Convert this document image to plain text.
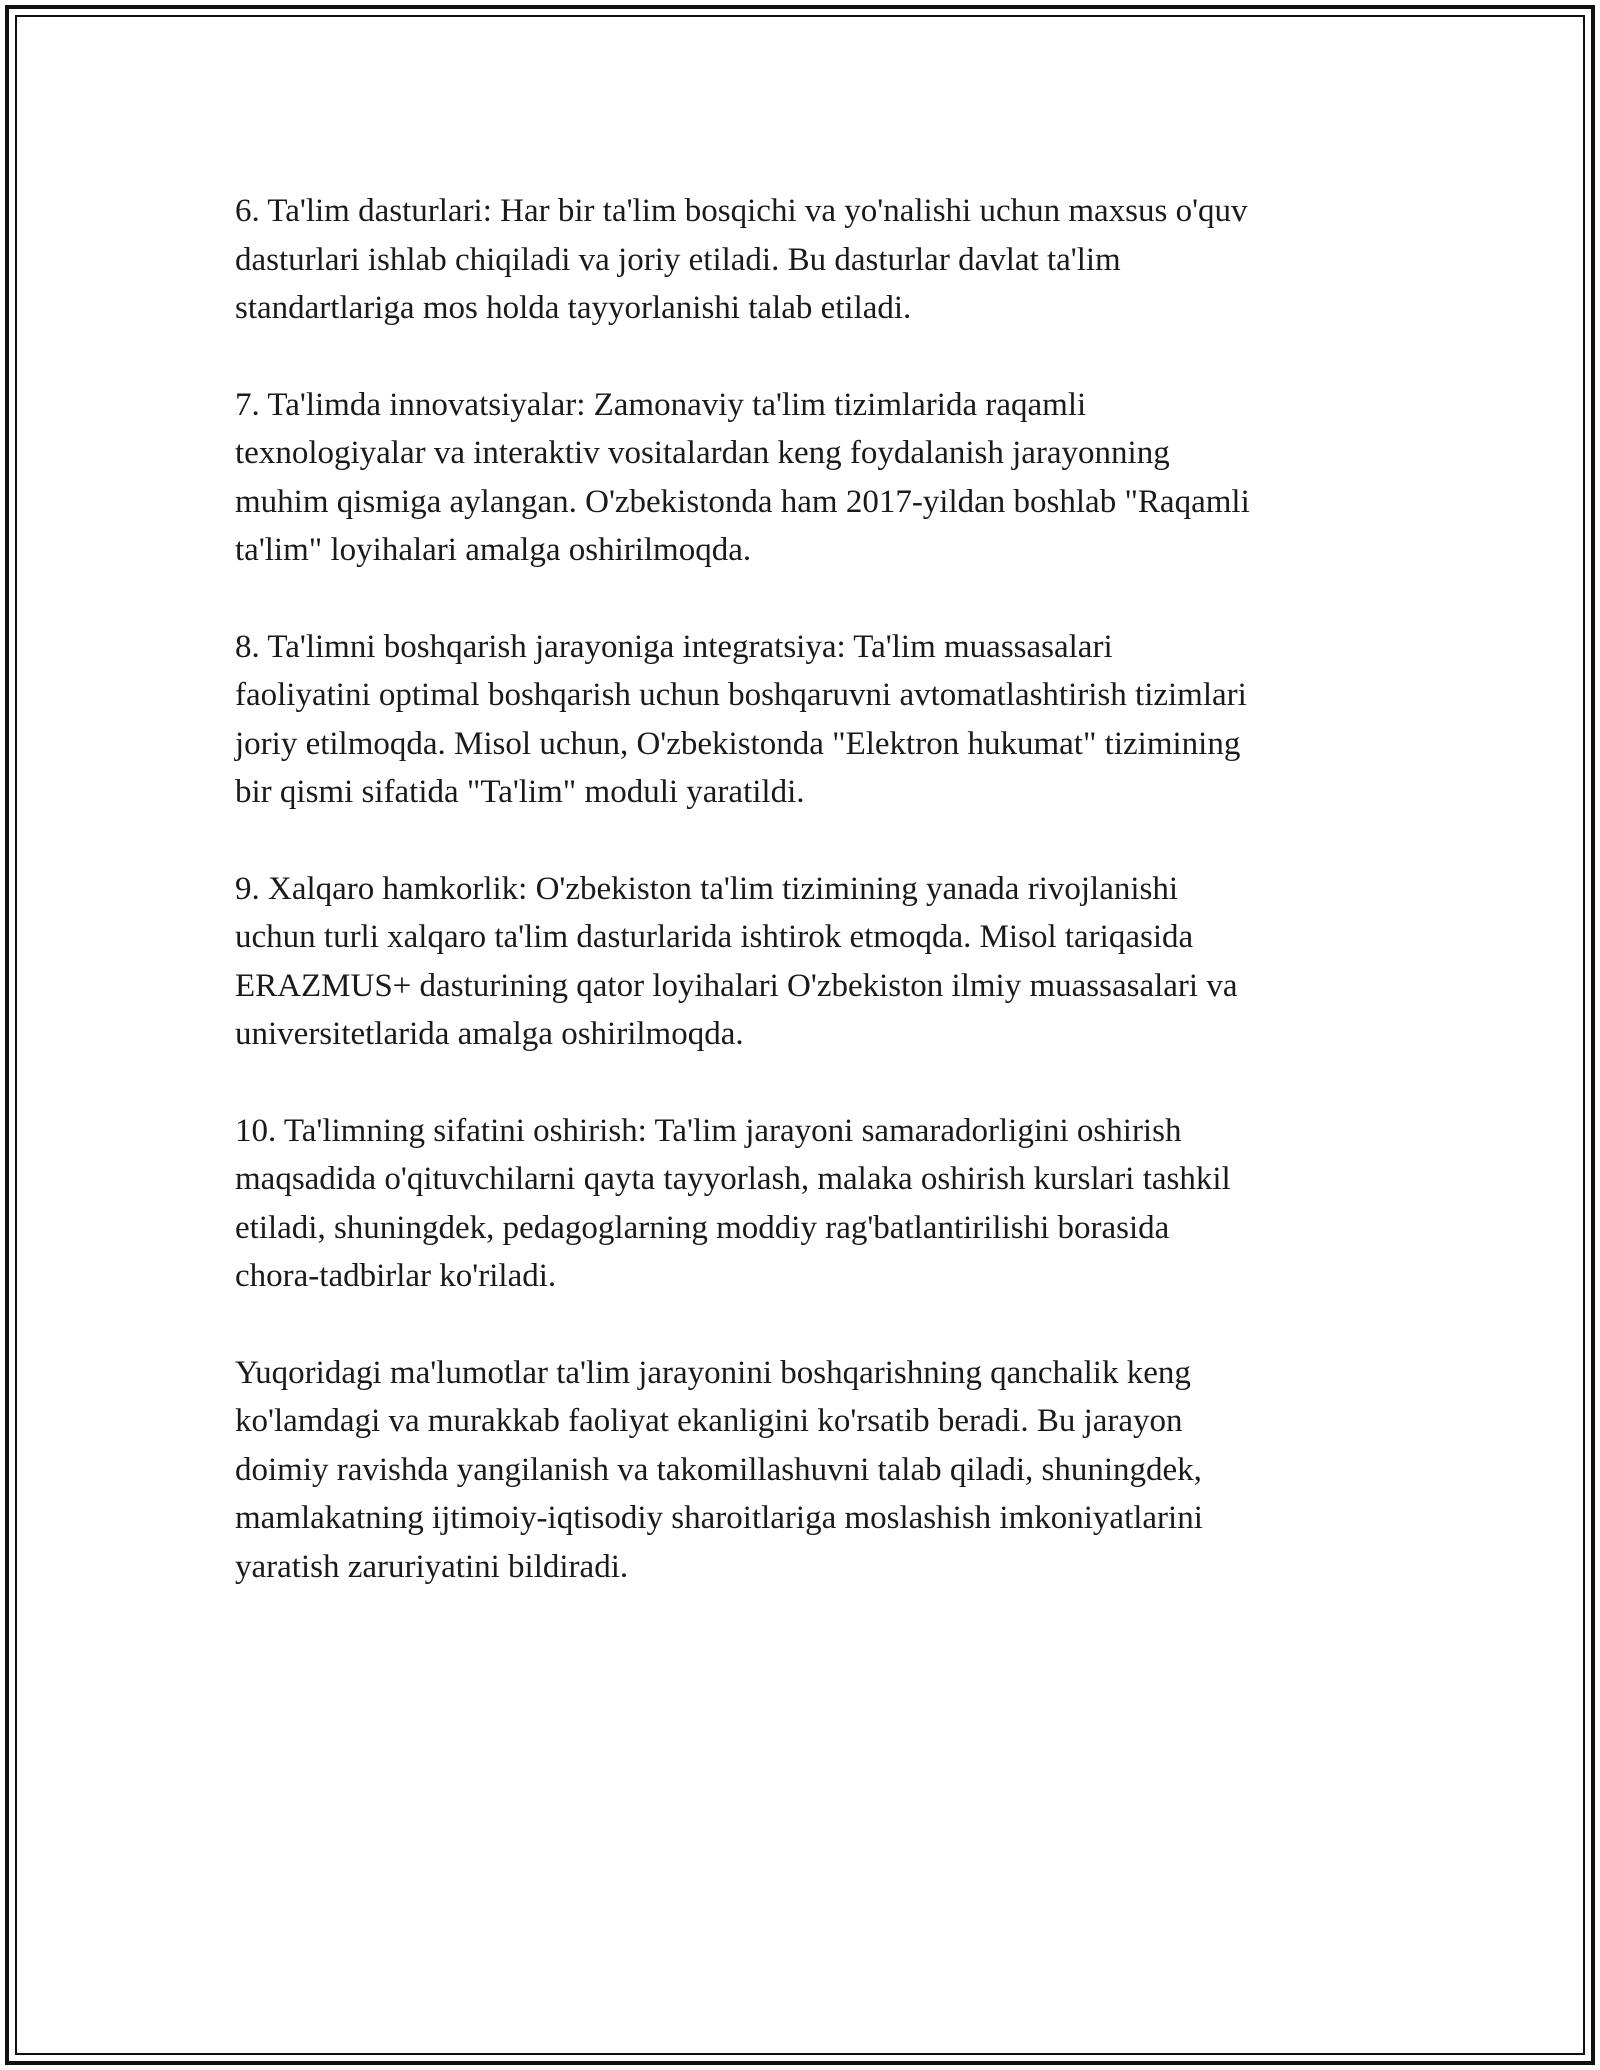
6. Ta'lim dasturlari: Har bir ta'lim bosqichi va yo'nalishi uchun maxsus o'quv
dasturlari ishlab chiqiladi va joriy etiladi. Bu dasturlar davlat ta'lim
standartlariga mos holda tayyorlanishi talab etiladi.

7. Ta'limda innovatsiyalar: Zamonaviy ta'lim tizimlarida raqamli
texnologiyalar va interaktiv vositalardan keng foydalanish jarayonning
muhim qismiga aylangan. O'zbekistonda ham 2017-yildan boshlab "Raqamli
ta'lim" loyihalari amalga oshirilmoqda.

8. Ta'limni boshqarish jarayoniga integratsiya: Ta'lim muassasalari
faoliyatini optimal boshqarish uchun boshqaruvni avtomatlashtirish tizimlari
joriy etilmoqda. Misol uchun, O'zbekistonda "Elektron hukumat" tizimining
bir qismi sifatida "Ta'lim" moduli yaratildi.

9. Xalqaro hamkorlik: O'zbekiston ta'lim tizimining yanada rivojlanishi
uchun turli xalqaro ta'lim dasturlarida ishtirok etmoqda. Misol tariqasida
ERAZMUS+ dasturining qator loyihalari O'zbekiston ilmiy muassasalari va
universitetlarida amalga oshirilmoqda.

10. Ta'limning sifatini oshirish: Ta'lim jarayoni samaradorligini oshirish
maqsadida o'qituvchilarni qayta tayyorlash, malaka oshirish kurslari tashkil
etiladi, shuningdek, pedagoglarning moddiy rag'batlantirilishi borasida
chora-tadbirlar ko'riladi.

Yuqoridagi ma'lumotlar ta'lim jarayonini boshqarishning qanchalik keng
ko'lamdagi va murakkab faoliyat ekanligini ko'rsatib beradi. Bu jarayon
doimiy ravishda yangilanish va takomillashuvni talab qiladi, shuningdek,
mamlakatning ijtimoiy-iqtisodiy sharoitlariga moslashish imkoniyatlarini
yaratish zaruriyatini bildiradi.
